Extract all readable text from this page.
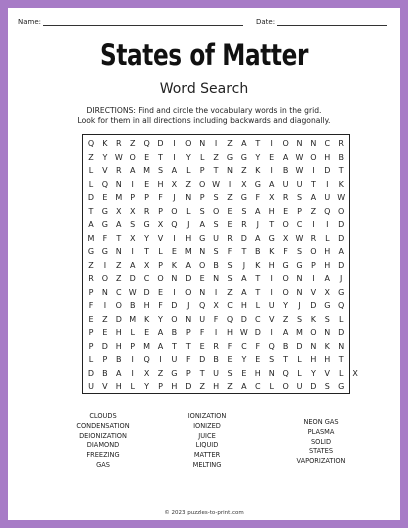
Name:	Date:
States of Matter
Word Search
DIRECTIONS: Find and circle the vocabulary words in the grid.
Look for them in all directions including backwards and diagonally.
Q	K	R	Z	Q D	I	O N	I	Z	A	T	I	O N N	C	R
Z	Y W O	E	T	I	Y	L	Z	G G	Y	E	A W O H	B
L	V	R	A M S	A	L	P	T	N	Z	K	I	B W	I	D	T
L	Q N	I	E	H	X	Z	O W	I	X	G	A	U	U	T	I	K
D	E M	P	P	F	J	N	P	S	Z	G	F	X	R	S	A	U W
T	G	X	X	R	P	O	L	S	O	E	S	A	H	E	P	Z	Q O
A	G	A	S	G	X	Q	J	A	S	E	R	J	T	O C	I	I	D
M	F	T	X	Y	V	I	H G U	R	D	A	G	X W R	L	D
G G N	I	T	L	E M N	S	F	T	B	K	F	S	O H	A
Z	I	Z	A	X	P	K	A	O	B	S	J	K	H G G	P	H D
R O	Z	D	C O N D	E	N	S	A	T	I	O N	I	A	J
P	N	C W D	E	I	O N	I	Z	A	T	I	O N	V	X	G
F	I	O	B	H	F	D	J	Q	X	C	H	L	U	Y	J	D G Q
E	Z	D M K	Y	O N U	F	Q D	C	V	Z	S	K	S	L
P	E	H	L	E	A	B	P	F	I	H W D	I	A M O N D
P	D H	P	M A	T	T	E	R	F	C	F	Q	B	D N	K	N
L	P	B	I	Q	I	U	F	D	B	E	Y	E	S	T	L	H H	T
D	B	A	I	X	Z	G	P	T	U	S	E	H N Q	L	Y	V	L	X
U	V	H	L	Y	P	H D	Z	H	Z	A	C	L	O U D	S	G
CLOUDS
CONDENSATION
DEIONIZATION
DIAMOND
FREEZING
GAS
IONIZATION
IONIZED
JUICE
LIQUID
MATTER
MELTING
NEON GAS
PLASMA
SOLID
STATES
VAPORIZATION
© 2023 puzzles-to-print.com
